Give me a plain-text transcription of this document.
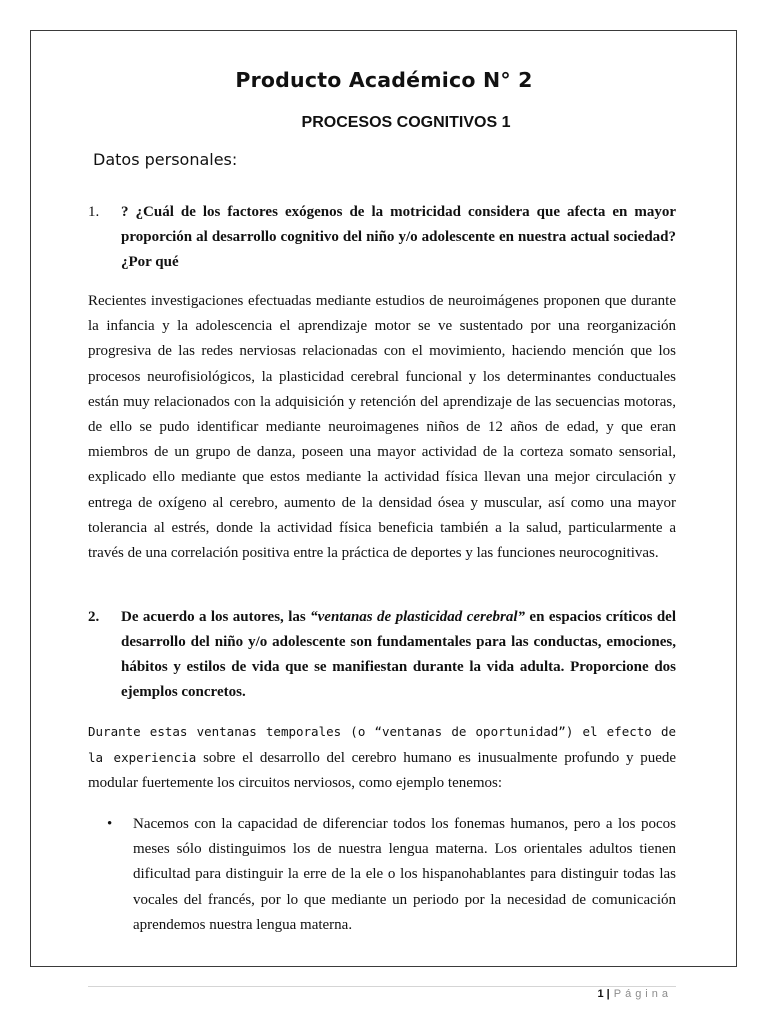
Producto Académico N° 2
PROCESOS COGNITIVOS 1
Datos personales:
1.	? ¿Cuál de los factores exógenos de la motricidad considera que afecta en mayor proporción al desarrollo cognitivo del niño y/o adolescente en nuestra actual sociedad? ¿Por qué
Recientes investigaciones efectuadas mediante estudios de neuroimágenes proponen que durante la infancia y la adolescencia el aprendizaje motor se ve sustentado por una reorganización progresiva de las redes nerviosas relacionadas con el movimiento, haciendo mención que los procesos neurofisiológicos, la plasticidad cerebral funcional y los determinantes conductuales están muy relacionados con la adquisición y retención del aprendizaje de las secuencias motoras, de ello se pudo identificar mediante neuroimagenes niños de 12 años de edad, y que eran miembros de un grupo de danza, poseen una mayor actividad de la corteza somato sensorial, explicado ello mediante que estos mediante la actividad física llevan una mejor circulación y entrega de oxígeno al cerebro, aumento de la densidad ósea y muscular, así como una mayor tolerancia al estrés, donde la actividad física beneficia también a la salud, particularmente a través de una correlación positiva entre la práctica de deportes y las funciones neurocognitivas.
2.	De acuerdo a los autores, las “ventanas de plasticidad cerebral” en espacios críticos del desarrollo del niño y/o adolescente son fundamentales para las conductas, emociones, hábitos y estilos de vida que se manifiestan durante la vida adulta. Proporcione dos ejemplos concretos.
Durante estas ventanas temporales (o “ventanas de oportunidad”) el efecto de la experiencia sobre el desarrollo del cerebro humano es inusualmente profundo y puede modular fuertemente los circuitos nerviosos, como ejemplo tenemos:
•	Nacemos con la capacidad de diferenciar todos los fonemas humanos, pero a los pocos meses sólo distinguimos los de nuestra lengua materna. Los orientales adultos tienen dificultad para distinguir la erre de la ele o los hispanohablantes para distinguir todas las vocales del francés, por lo que mediante un periodo por la necesidad de comunicación aprendemos nuestra lengua materna.
1 | Página
